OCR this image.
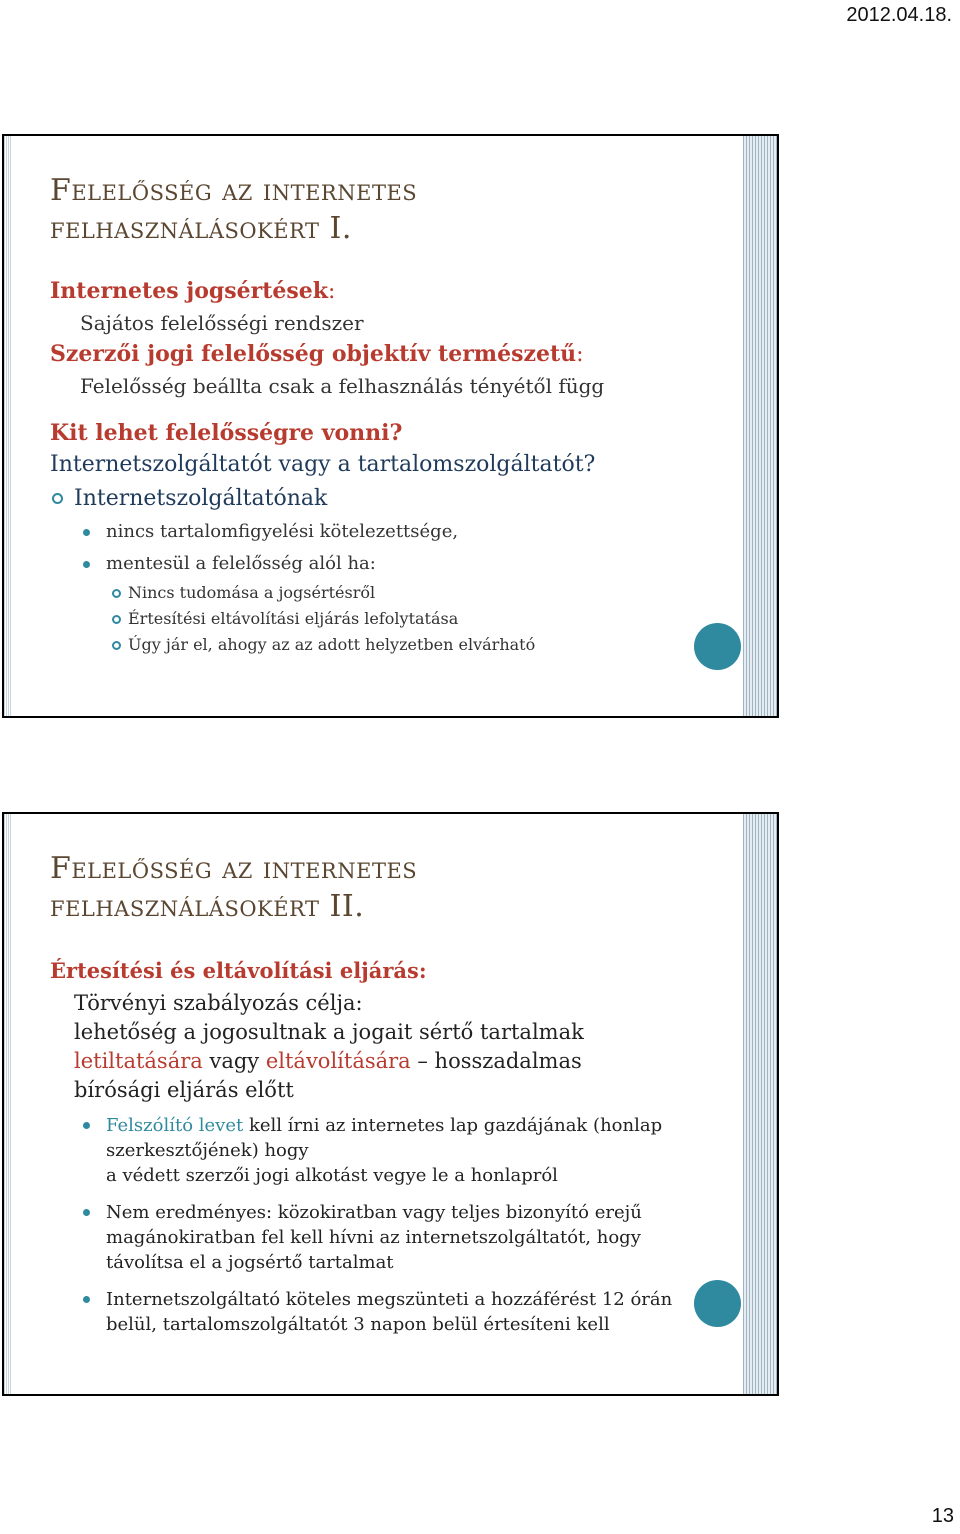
2012.04.18.
Felelősség az internetes
felhasználásokért I.
Internetes jogsértések:
Sajátos felelősségi rendszer
Szerzői jogi felelősség objektív természetű:
Felelősség beállta csak a felhasználás tényétől függ
Kit lehet felelősségre vonni?
Internetszolgáltatót vagy a tartalomszolgáltatót?
Internetszolgáltatónak
nincs tartalomfigyelési kötelezettsége,
mentesül a felelősség alól ha:
Nincs tudomása a jogsértésről
Értesítési eltávolítási eljárás lefolytatása
Úgy jár el, ahogy az az adott helyzetben elvárható
Felelősség az internetes
felhasználásokért II.
Értesítési és eltávolítási eljárás:
Törvényi szabályozás célja:
lehetőség a jogosultnak a jogait sértő tartalmak
letiltatására vagy eltávolítására – hosszadalmas
bírósági eljárás előtt
Felszólító levet kell írni az internetes lap gazdájának (honlap
szerkesztőjének) hogy
a védett szerzői jogi alkotást vegye le a honlapról
Nem eredményes: közokiratban vagy teljes bizonyító erejű
magánokiratban fel kell hívni az internetszolgáltatót, hogy
távolítsa el a jogsértő tartalmat
Internetszolgáltató köteles megszünteti a hozzáférést 12 órán
belül, tartalomszolgáltatót 3 napon belül értesíteni kell
13
